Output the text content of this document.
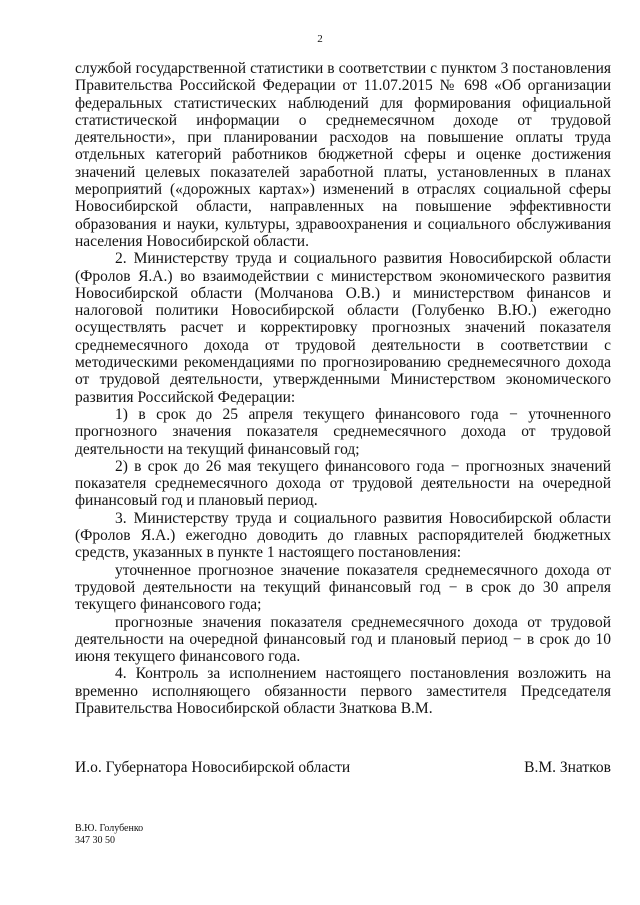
2

службой государственной статистики в соответствии с пунктом 3 постановления Правительства Российской Федерации от 11.07.2015 № 698 «Об организации федеральных статистических наблюдений для формирования официальной статистической информации о среднемесячном доходе от трудовой деятельности», при планировании расходов на повышение оплаты труда отдельных категорий работников бюджетной сферы и оценке достижения значений целевых показателей заработной платы, установленных в планах мероприятий («дорожных картах») изменений в отраслях социальной сферы Новосибирской области, направленных на повышение эффективности образования и науки, культуры, здравоохранения и социального обслуживания населения Новосибирской области.

2. Министерству труда и социального развития Новосибирской области (Фролов Я.А.) во взаимодействии с министерством экономического развития Новосибирской области (Молчанова О.В.) и министерством финансов и налоговой политики Новосибирской области (Голубенко В.Ю.) ежегодно осуществлять расчет и корректировку прогнозных значений показателя среднемесячного дохода от трудовой деятельности в соответствии с методическими рекомендациями по прогнозированию среднемесячного дохода от трудовой деятельности, утвержденными Министерством экономического развития Российской Федерации:

1) в срок до 25 апреля текущего финансового года − уточненного прогнозного значения показателя среднемесячного дохода от трудовой деятельности на текущий финансовый год;

2) в срок до 26 мая текущего финансового года − прогнозных значений показателя среднемесячного дохода от трудовой деятельности на очередной финансовый год и плановый период.

3. Министерству труда и социального развития Новосибирской области (Фролов Я.А.) ежегодно доводить до главных распорядителей бюджетных средств, указанных в пункте 1 настоящего постановления:

уточненное прогнозное значение показателя среднемесячного дохода от трудовой деятельности на текущий финансовый год − в срок до 30 апреля текущего финансового года;

прогнозные значения показателя среднемесячного дохода от трудовой деятельности на очередной финансовый год и плановый период − в срок до 10 июня текущего финансового года.

4. Контроль за исполнением настоящего постановления возложить на временно исполняющего обязанности первого заместителя Председателя Правительства Новосибирской области Знаткова В.М.

И.о. Губернатора Новосибирской области	В.М. Знатков
В.Ю. Голубенко
347 30 50
